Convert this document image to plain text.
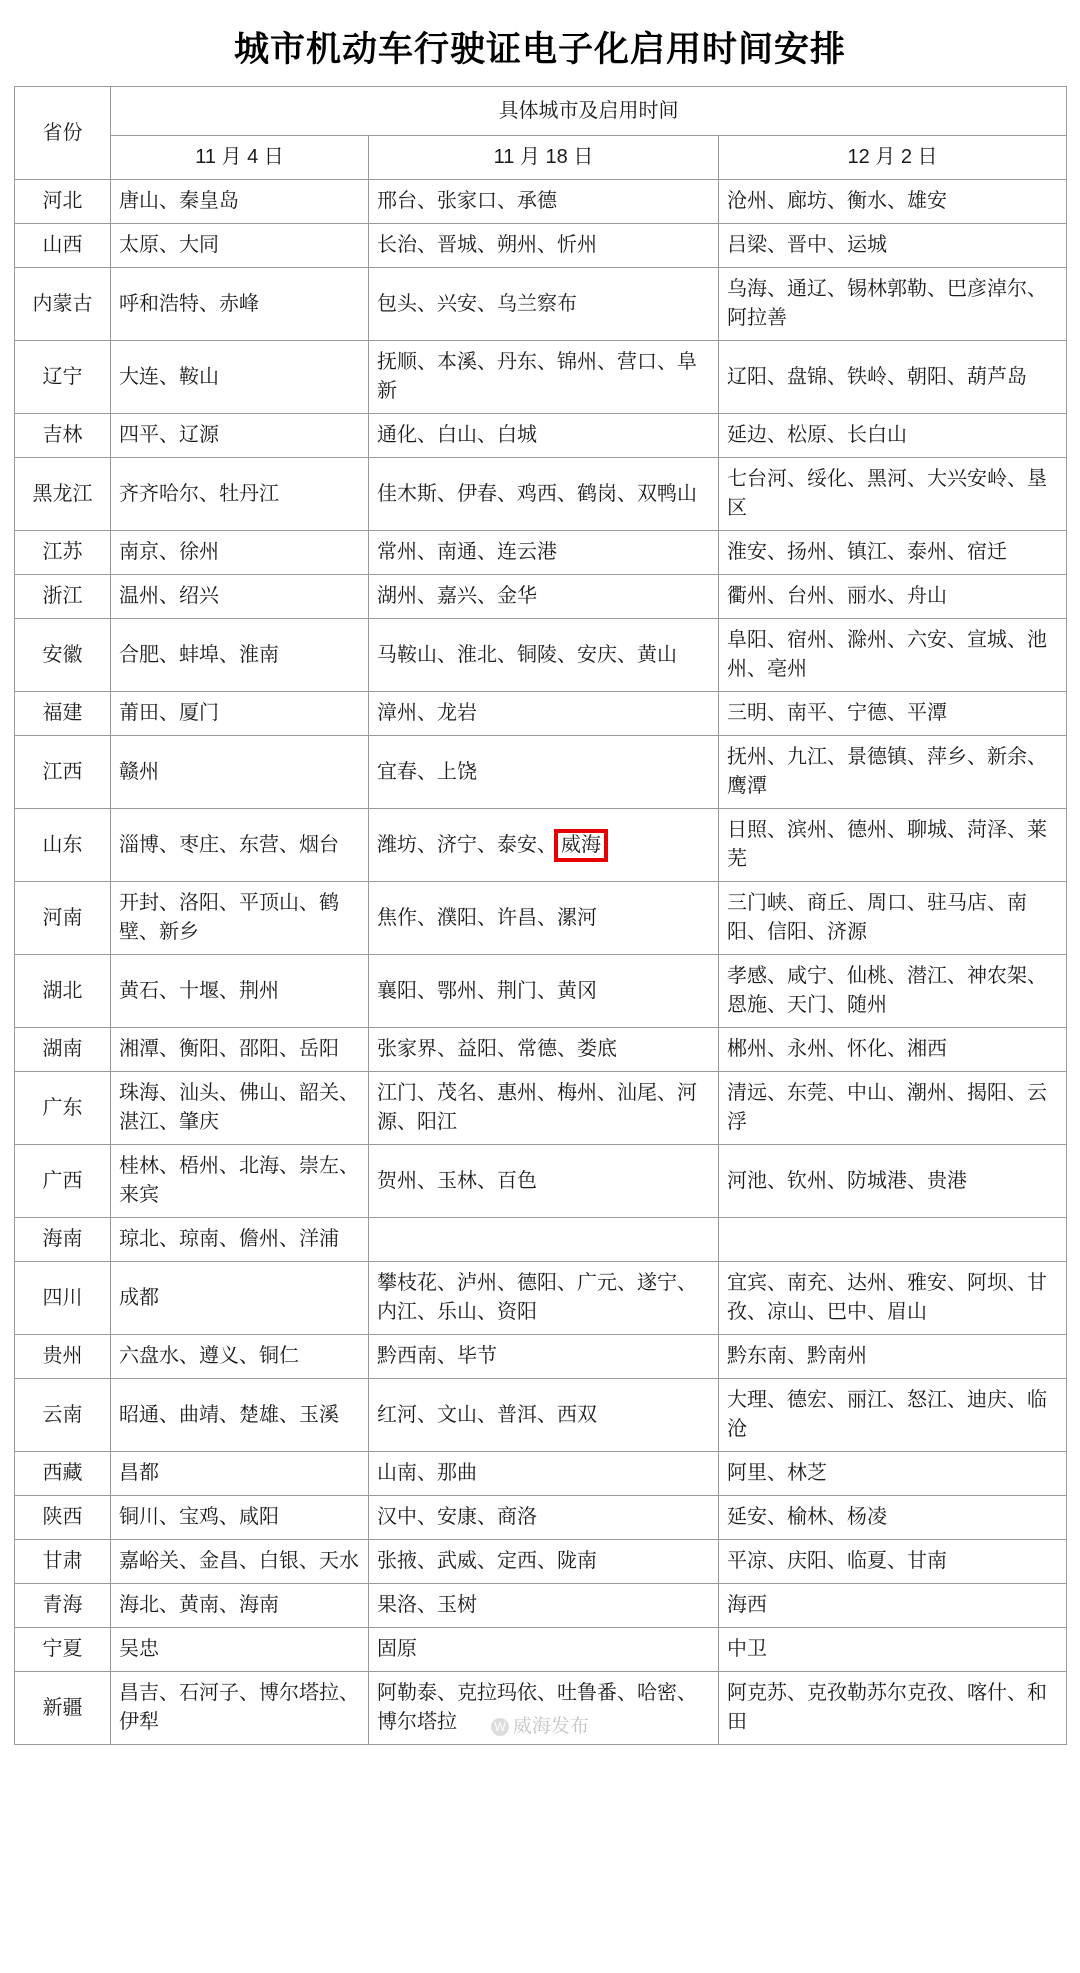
城市机动车行驶证电子化启用时间安排
省份	具体城市及启用时间		
	11 月 4 日	11 月 18 日	12 月 2 日
河北	唐山、秦皇岛	邢台、张家口、承德	沧州、廊坊、衡水、雄安
山西	太原、大同	长治、晋城、朔州、忻州	吕梁、晋中、运城
内蒙古	呼和浩特、赤峰	包头、兴安、乌兰察布	乌海、通辽、锡林郭勒、巴彦淖尔、阿拉善
辽宁	大连、鞍山	抚顺、本溪、丹东、锦州、营口、阜新	辽阳、盘锦、铁岭、朝阳、葫芦岛
吉林	四平、辽源	通化、白山、白城	延边、松原、长白山
黑龙江	齐齐哈尔、牡丹江	佳木斯、伊春、鸡西、鹤岗、双鸭山	七台河、绥化、黑河、大兴安岭、垦区
江苏	南京、徐州	常州、南通、连云港	淮安、扬州、镇江、泰州、宿迁
浙江	温州、绍兴	湖州、嘉兴、金华	衢州、台州、丽水、舟山
安徽	合肥、蚌埠、淮南	马鞍山、淮北、铜陵、安庆、黄山	阜阳、宿州、滁州、六安、宣城、池州、亳州
福建	莆田、厦门	漳州、龙岩	三明、南平、宁德、平潭
江西	赣州	宜春、上饶	抚州、九江、景德镇、萍乡、新余、鹰潭
山东	淄博、枣庄、东营、烟台	潍坊、济宁、泰安、 威海	日照、滨州、德州、聊城、菏泽、莱芜
河南	开封、洛阳、平顶山、鹤壁、新乡	焦作、濮阳、许昌、漯河	三门峡、商丘、周口、驻马店、南阳、信阳、济源
湖北	黄石、十堰、荆州	襄阳、鄂州、荆门、黄冈	孝感、咸宁、仙桃、潜江、神农架、恩施、天门、随州
湖南	湘潭、衡阳、邵阳、岳阳	张家界、益阳、常德、娄底	郴州、永州、怀化、湘西
广东	珠海、汕头、佛山、韶关、湛江、肇庆	江门、茂名、惠州、梅州、汕尾、河源、阳江	清远、东莞、中山、潮州、揭阳、云浮
广西	桂林、梧州、北海、崇左、来宾	贺州、玉林、百色	河池、钦州、防城港、贵港
海南	琼北、琼南、儋州、洋浦		
四川	成都	攀枝花、泸州、德阳、广元、遂宁、内江、乐山、资阳	宜宾、南充、达州、雅安、阿坝、甘孜、凉山、巴中、眉山
贵州	六盘水、遵义、铜仁	黔西南、毕节	黔东南、黔南州
云南	昭通、曲靖、楚雄、玉溪	红河、文山、普洱、西双	大理、德宏、丽江、怒江、迪庆、临沧
西藏	昌都	山南、那曲	阿里、林芝
陕西	铜川、宝鸡、咸阳	汉中、安康、商洛	延安、榆林、杨凌
甘肃	嘉峪关、金昌、白银、天水	张掖、武威、定西、陇南	平凉、庆阳、临夏、甘南
青海	海北、黄南、海南	果洛、玉树	海西
宁夏	吴忠	固原	中卫
新疆	昌吉、石河子、博尔塔拉、伊犁	阿勒泰、克拉玛依、吐鲁番、哈密、博尔塔拉	阿克苏、克孜勒苏尔克孜、喀什、和田
W 威海发布
